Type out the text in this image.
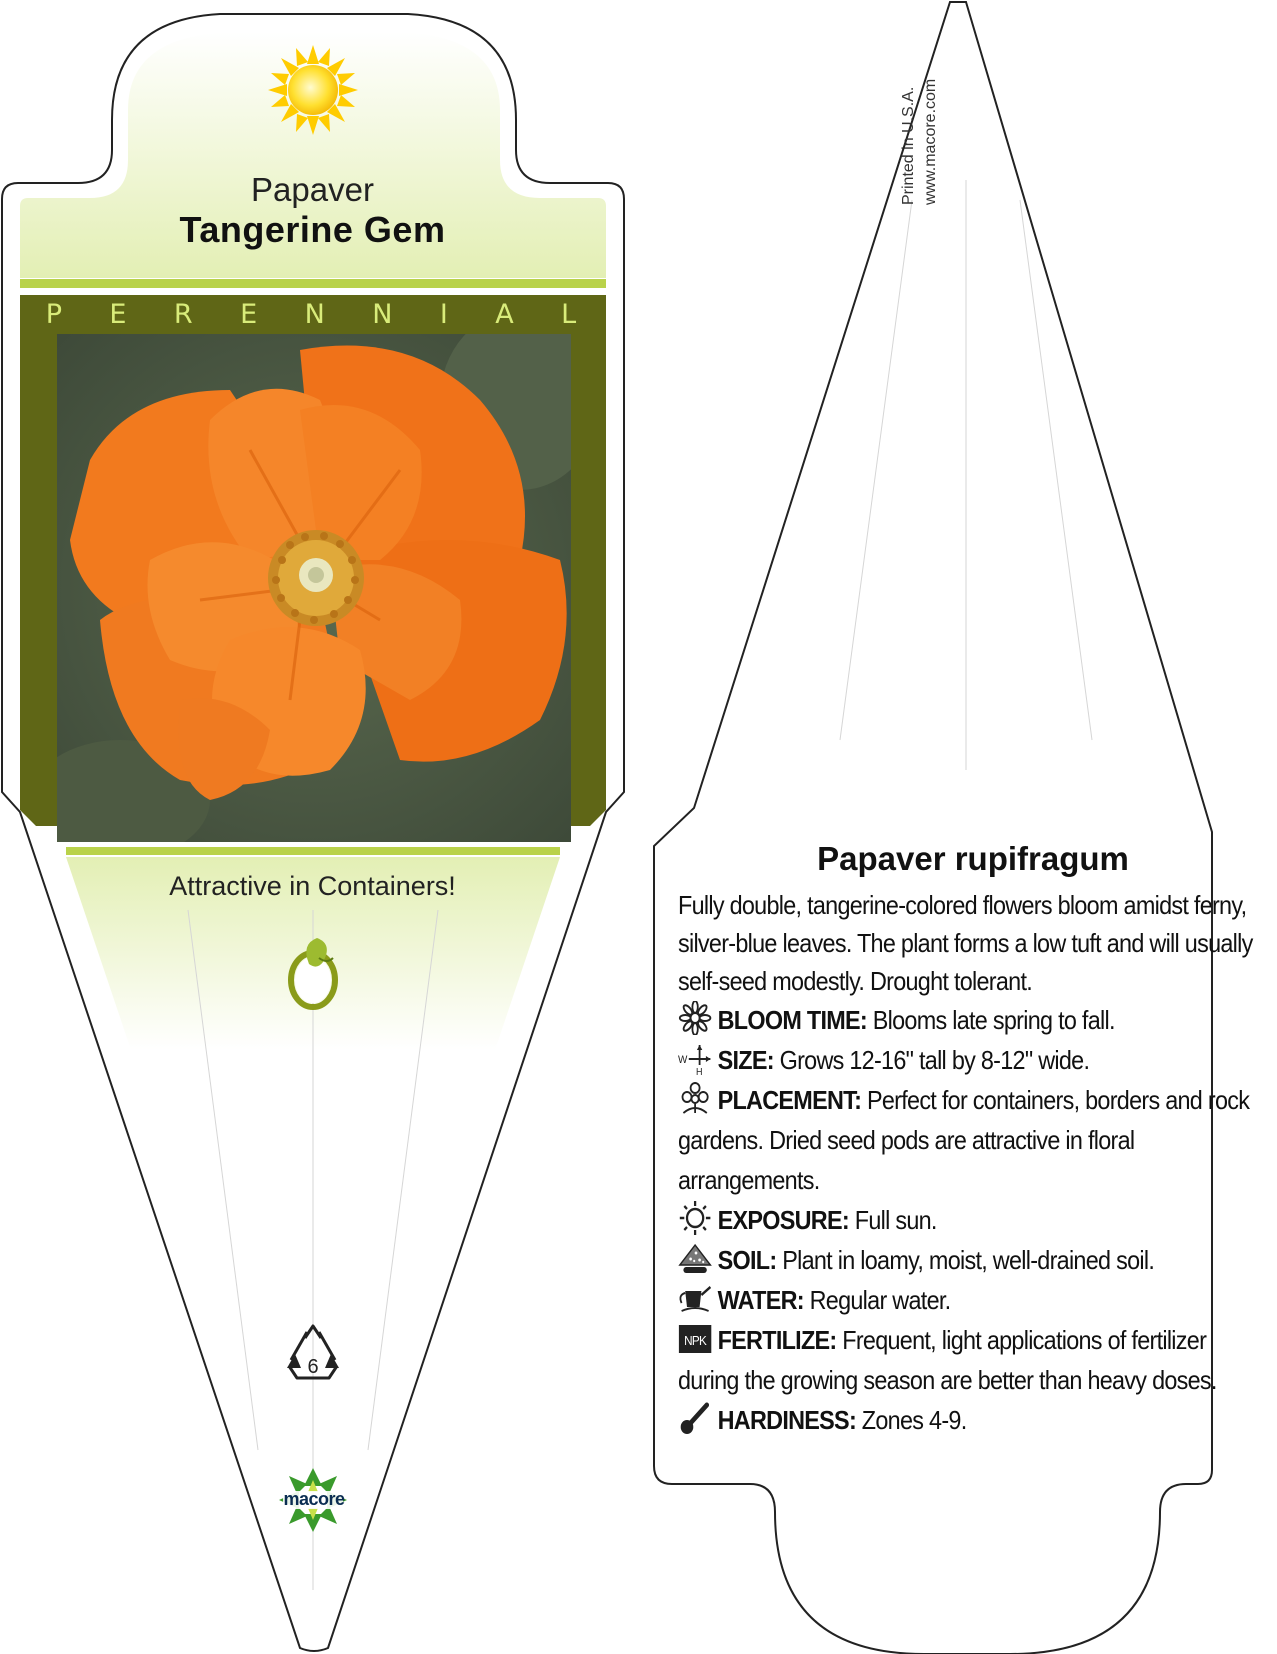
Papaver
Tangerine Gem
P E R E N N I A L
Attractive in Containers!
6
macore
Printed in U.S.A. www.macore.com
Papaver rupifragum
Fully double, tangerine-colored flowers bloom amidst ferny, silver-blue leaves. The plant forms a low tuft and will usually self-seed modestly. Drought tolerant.
BLOOM TIME: Blooms late spring to fall.
W
H SIZE: Grows 12-16" tall by 8-12" wide.
PLACEMENT: Perfect for containers, borders and rock gardens. Dried seed pods are attractive in floral arrangements.
EXPOSURE: Full sun.
SOIL: Plant in loamy, moist, well-drained soil.
WATER: Regular water.
NPK FERTILIZE: Frequent, light applications of fertilizer during the growing season are better than heavy doses.
HARDINESS: Zones 4-9.
